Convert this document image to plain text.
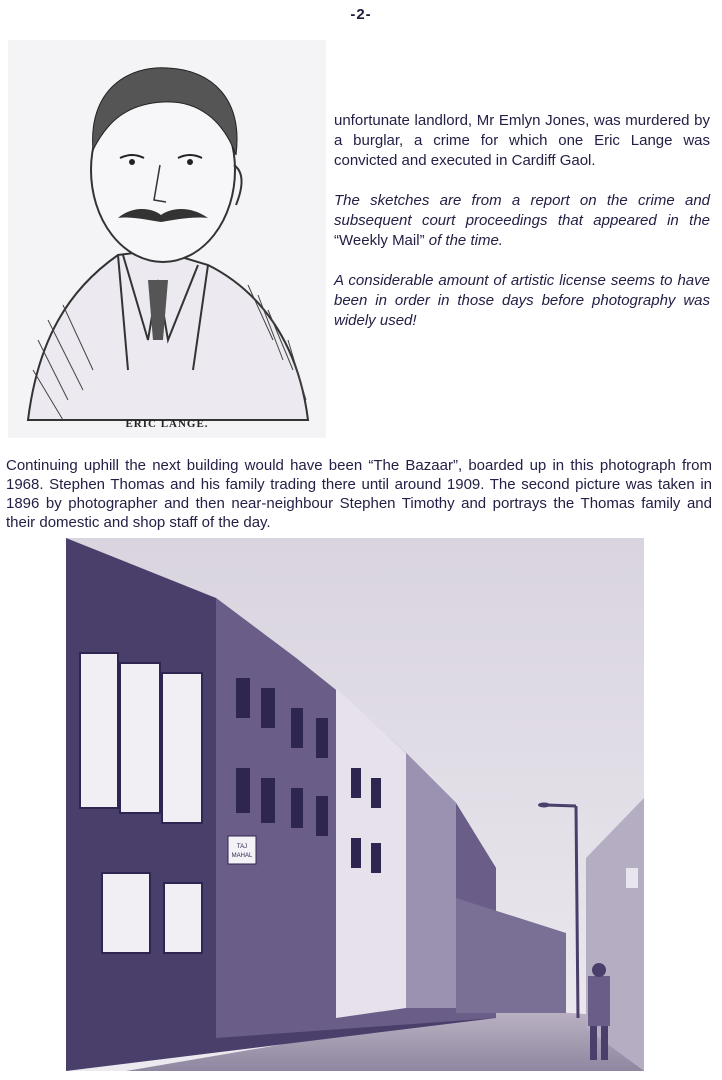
-2-
ERIC LANGE.

unfortunate landlord, Mr Emlyn Jones, was murdered by a burglar, a crime for which one Eric Lange was convicted and executed in Cardiff Gaol.

The sketches are from a report on the crime and subsequent court proceedings that appeared in the “Weekly Mail” of the time.

A considerable amount of artistic license seems to have been in order in those days before photography was widely used!

Continuing uphill the next building would have been “The Bazaar”, boarded up in this photograph from 1968. Stephen Thomas and his family trading there until around 1909. The second picture was taken in 1896 by photographer and then near-neighbour Stephen Timothy and portrays the Thomas family and their domestic and shop staff of the day.
TAJ
MAHAL
